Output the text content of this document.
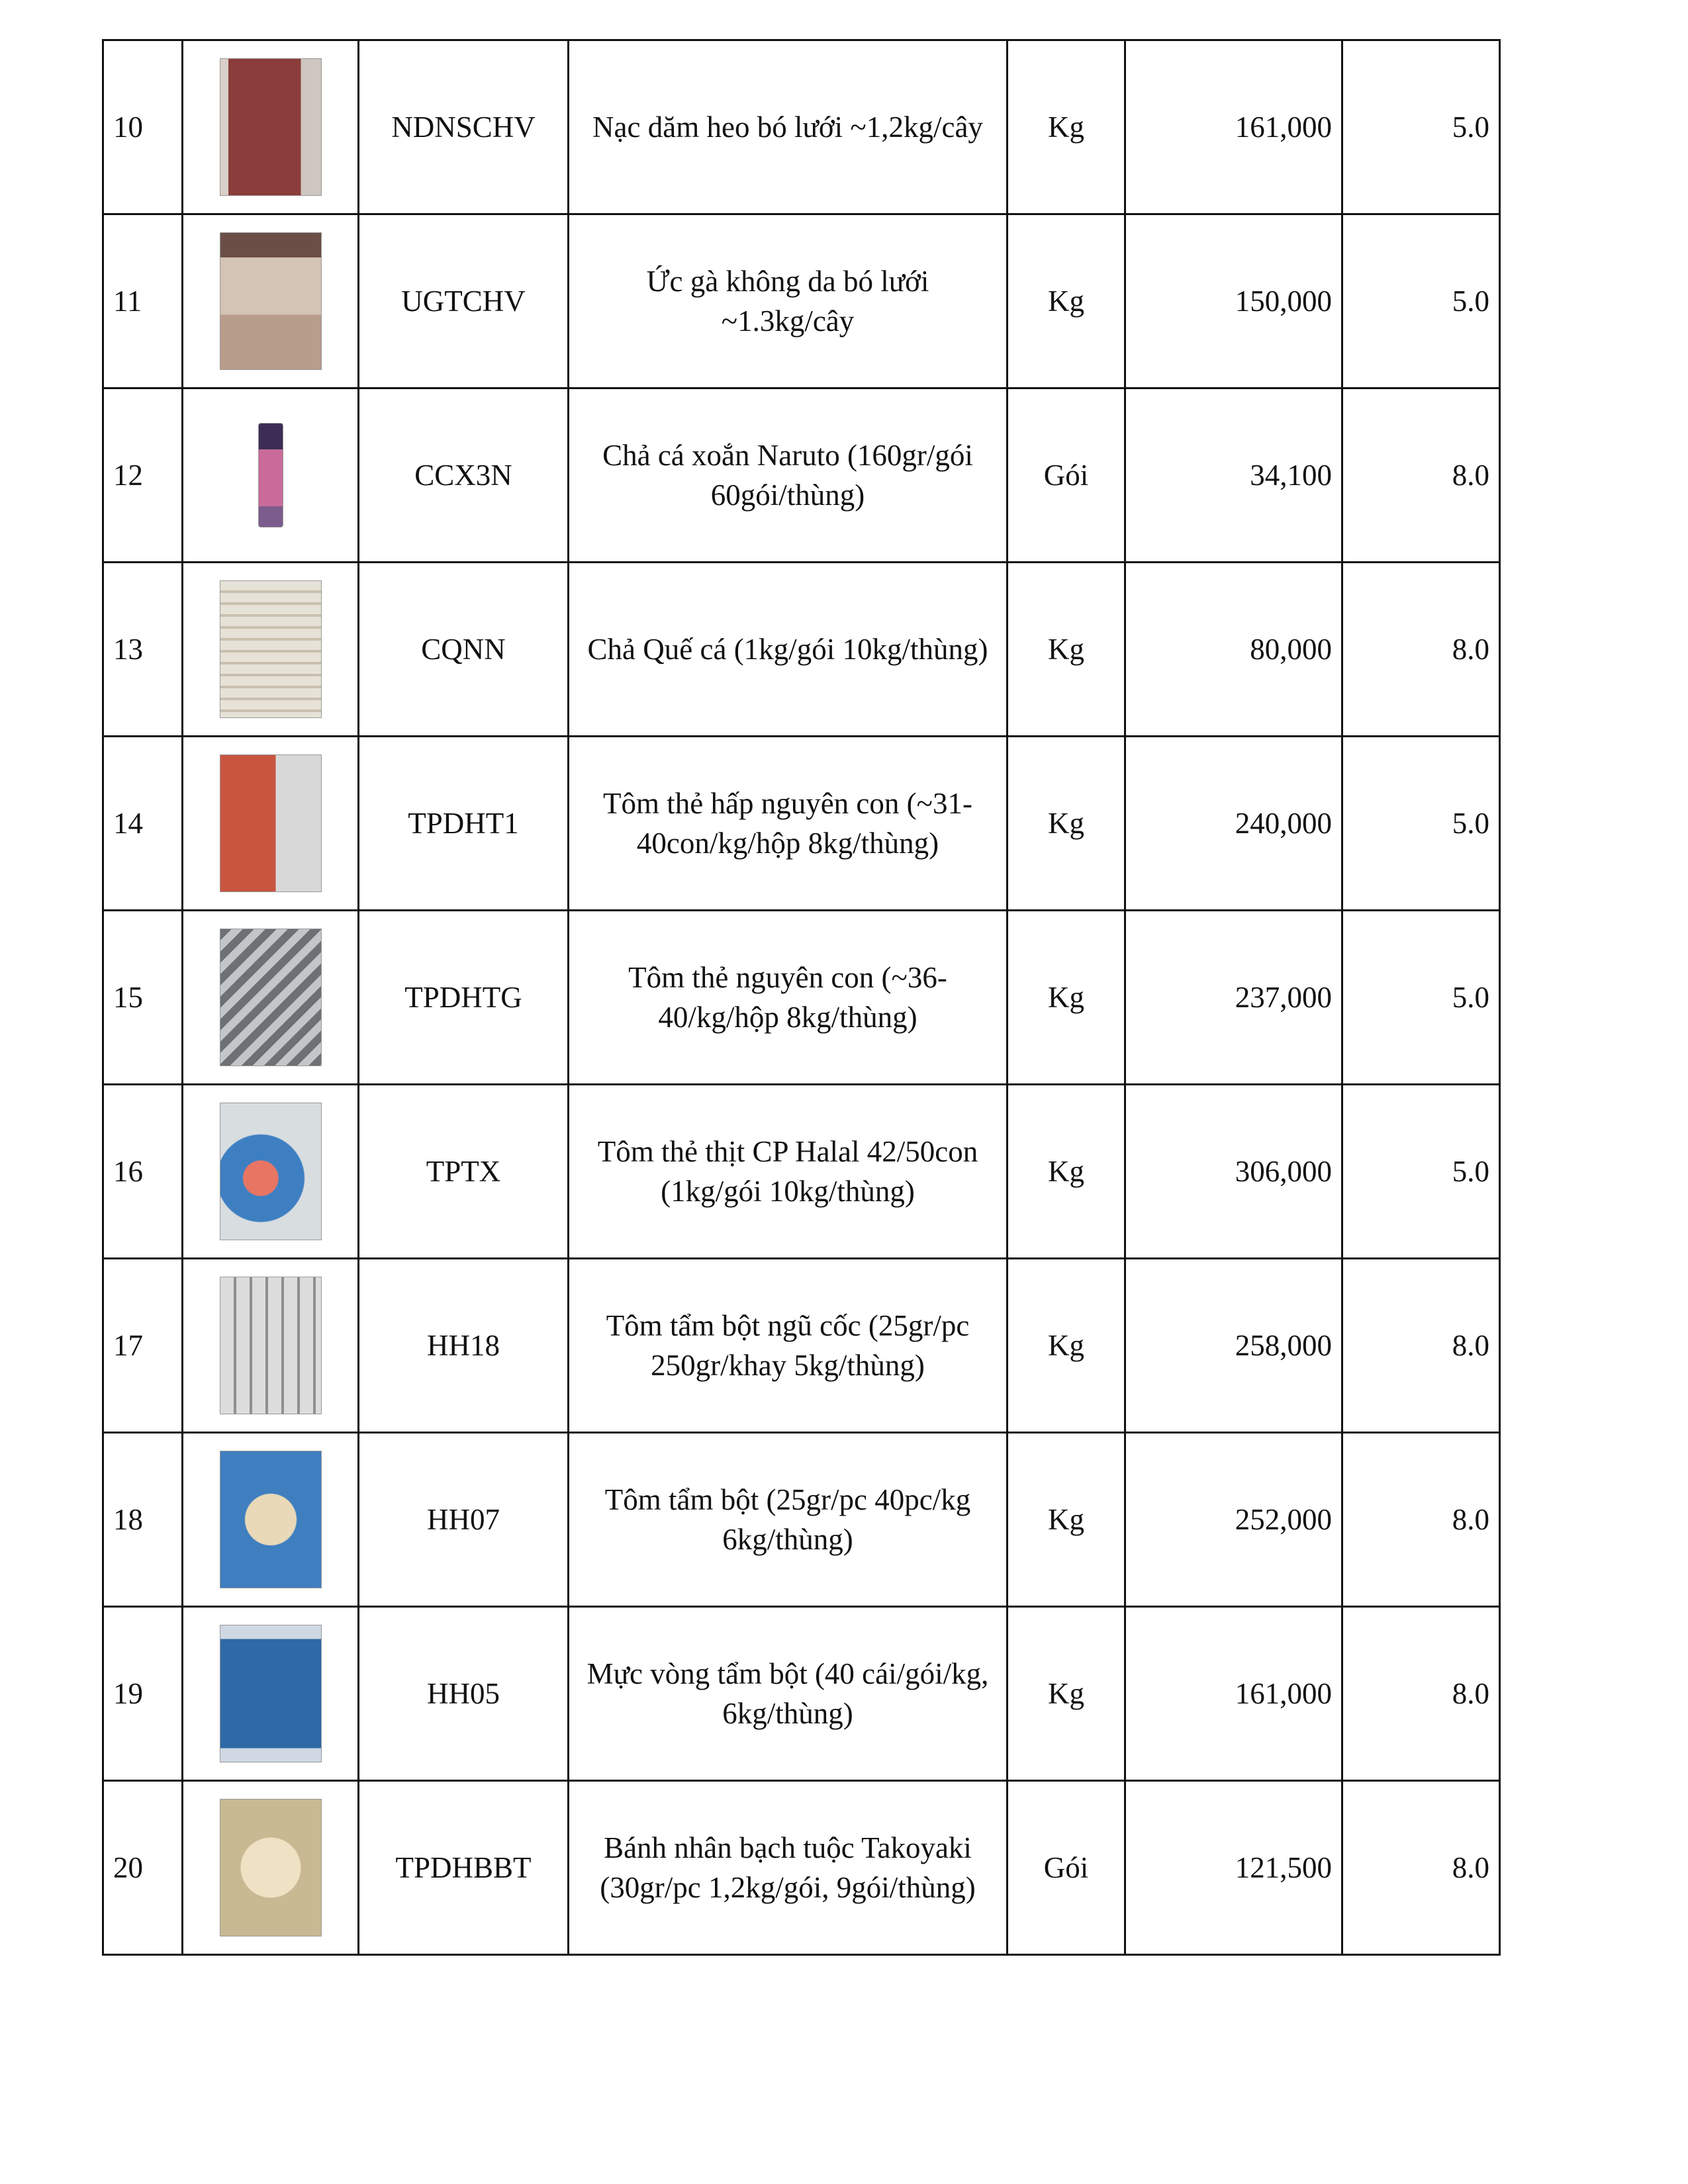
10		NDNSCHV	Nạc dăm heo bó lưới ~1,2kg/cây	Kg	161,000	5.0
11		UGTCHV	Ức gà không da bó lưới ~1.3kg/cây	Kg	150,000	5.0
12		CCX3N	Chả cá xoắn Naruto (160gr/gói 60gói/thùng)	Gói	34,100	8.0
13		CQNN	Chả Quế cá (1kg/gói 10kg/thùng)	Kg	80,000	8.0
14		TPDHT1	Tôm thẻ hấp nguyên con (~31-40con/kg/hộp 8kg/thùng)	Kg	240,000	5.0
15		TPDHTG	Tôm thẻ nguyên con (~36-40/kg/hộp 8kg/thùng)	Kg	237,000	5.0
16		TPTX	Tôm thẻ thịt CP Halal 42/50con (1kg/gói 10kg/thùng)	Kg	306,000	5.0
17		HH18	Tôm tẩm bột ngũ cốc (25gr/pc 250gr/khay 5kg/thùng)	Kg	258,000	8.0
18		HH07	Tôm tẩm bột (25gr/pc 40pc/kg 6kg/thùng)	Kg	252,000	8.0
19		HH05	Mực vòng tẩm bột (40 cái/gói/kg, 6kg/thùng)	Kg	161,000	8.0
20		TPDHBBT	Bánh nhân bạch tuộc Takoyaki (30gr/pc 1,2kg/gói, 9gói/thùng)	Gói	121,500	8.0
